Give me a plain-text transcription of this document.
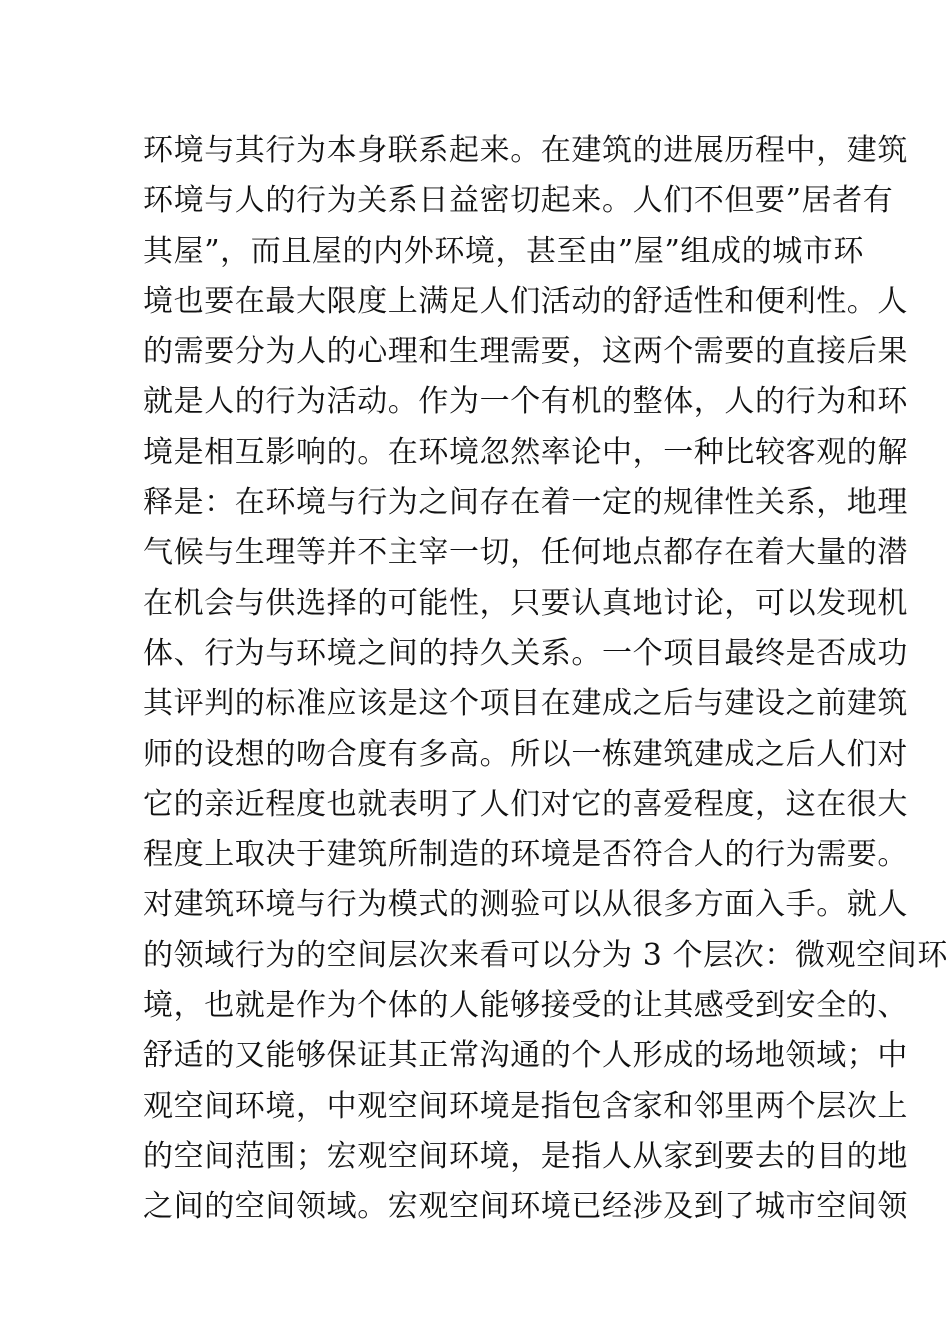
环境与其行为本身联系起来。在建筑的进展历程中，建筑
环境与人的行为关系日益密切起来。人们不但要”居者有
其屋”，而且屋的内外环境，甚至由”屋”组成的城市环
境也要在最大限度上满足人们活动的舒适性和便利性。人
的需要分为人的心理和生理需要，这两个需要的直接后果
就是人的行为活动。作为一个有机的整体，人的行为和环
境是相互影响的。在环境忽然率论中，一种比较客观的解
释是：在环境与行为之间存在着一定的规律性关系，地理
气候与生理等并不主宰一切，任何地点都存在着大量的潜
在机会与供选择的可能性，只要认真地讨论，可以发现机
体、行为与环境之间的持久关系。一个项目最终是否成功
其评判的标准应该是这个项目在建成之后与建设之前建筑
师的设想的吻合度有多高。所以一栋建筑建成之后人们对
它的亲近程度也就表明了人们对它的喜爱程度，这在很大
程度上取决于建筑所制造的环境是否符合人的行为需要。
对建筑环境与行为模式的测验可以从很多方面入手。就人
的领域行为的空间层次来看可以分为 3 个层次：微观空间环
境，也就是作为个体的人能够接受的让其感受到安全的、
舒适的又能够保证其正常沟通的个人形成的场地领域；中
观空间环境，中观空间环境是指包含家和邻里两个层次上
的空间范围；宏观空间环境，是指人从家到要去的目的地
之间的空间领域。宏观空间环境已经涉及到了城市空间领
